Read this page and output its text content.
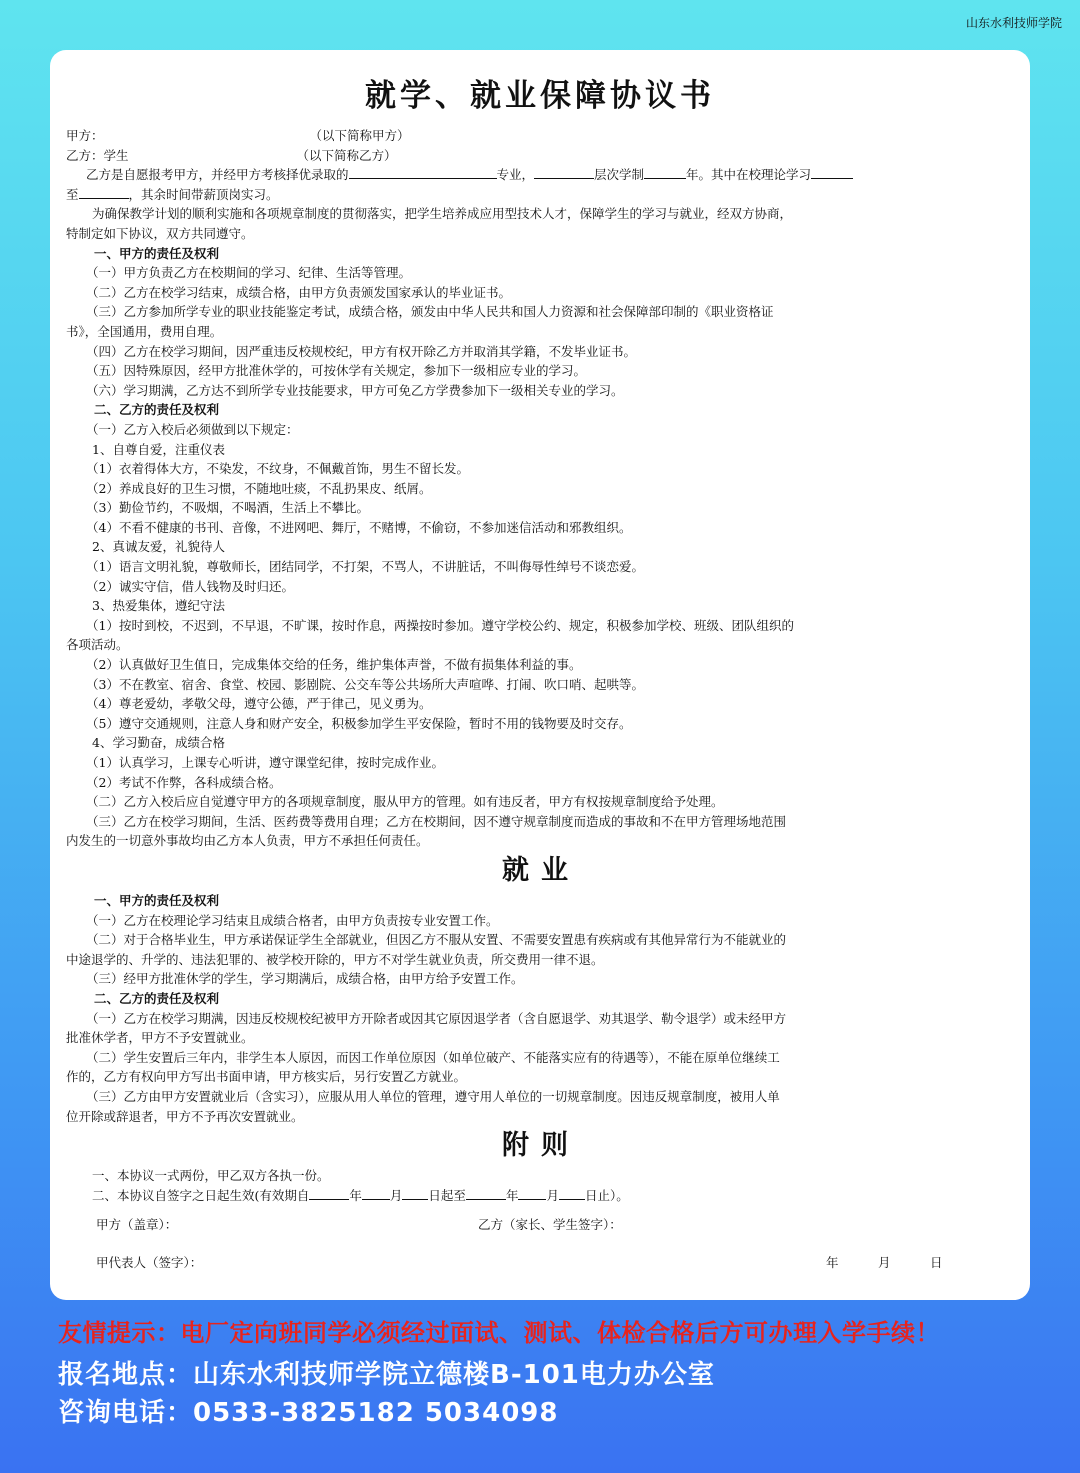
山东水利技师学院
就学、就业保障协议书
甲方：	（以下简称甲方）
乙方：学生	（以下简称乙方）
乙方是自愿报考甲方，并经甲方考核择优录取的	专业，	层次学制	年。其中在校理论学习
至	，其余时间带薪顶岗实习。
为确保教学计划的顺利实施和各项规章制度的贯彻落实，把学生培养成应用型技术人才，保障学生的学习与就业，经双方协商，
特制定如下协议，双方共同遵守。
一、甲方的责任及权利
（一）甲方负责乙方在校期间的学习、纪律、生活等管理。
（二）乙方在校学习结束，成绩合格，由甲方负责颁发国家承认的毕业证书。
（三）乙方参加所学专业的职业技能鉴定考试，成绩合格，颁发由中华人民共和国人力资源和社会保障部印制的《职业资格证
书》，全国通用，费用自理。
（四）乙方在校学习期间，因严重违反校规校纪，甲方有权开除乙方并取消其学籍，不发毕业证书。
（五）因特殊原因，经甲方批准休学的，可按休学有关规定，参加下一级相应专业的学习。
（六）学习期满，乙方达不到所学专业技能要求，甲方可免乙方学费参加下一级相关专业的学习。
二、乙方的责任及权利
（一）乙方入校后必须做到以下规定：
1、自尊自爱，注重仪表
（1）衣着得体大方，不染发，不纹身，不佩戴首饰，男生不留长发。
（2）养成良好的卫生习惯，不随地吐痰，不乱扔果皮、纸屑。
（3）勤俭节约，不吸烟，不喝酒，生活上不攀比。
（4）不看不健康的书刊、音像，不进网吧、舞厅，不赌博，不偷窃，不参加迷信活动和邪教组织。
2、真诚友爱，礼貌待人
（1）语言文明礼貌，尊敬师长，团结同学，不打架，不骂人，不讲脏话，不叫侮辱性绰号不谈恋爱。
（2）诚实守信，借人钱物及时归还。
3、热爱集体，遵纪守法
（1）按时到校，不迟到，不早退，不旷课，按时作息，两操按时参加。遵守学校公约、规定，积极参加学校、班级、团队组织的
各项活动。
（2）认真做好卫生值日，完成集体交给的任务，维护集体声誉，不做有损集体利益的事。
（3）不在教室、宿舍、食堂、校园、影剧院、公交车等公共场所大声喧哗、打闹、吹口哨、起哄等。
（4）尊老爱幼，孝敬父母，遵守公德，严于律己，见义勇为。
（5）遵守交通规则，注意人身和财产安全，积极参加学生平安保险，暂时不用的钱物要及时交存。
4、学习勤奋，成绩合格
（1）认真学习，上课专心听讲，遵守课堂纪律，按时完成作业。
（2）考试不作弊，各科成绩合格。
（二）乙方入校后应自觉遵守甲方的各项规章制度，服从甲方的管理。如有违反者，甲方有权按规章制度给予处理。
（三）乙方在校学习期间，生活、医药费等费用自理；乙方在校期间，因不遵守规章制度而造成的事故和不在甲方管理场地范围
内发生的一切意外事故均由乙方本人负责，甲方不承担任何责任。
就业
一、甲方的责任及权利
（一）乙方在校理论学习结束且成绩合格者，由甲方负责按专业安置工作。
（二）对于合格毕业生，甲方承诺保证学生全部就业，但因乙方不服从安置、不需要安置患有疾病或有其他异常行为不能就业的
中途退学的、升学的、违法犯罪的、被学校开除的，甲方不对学生就业负责，所交费用一律不退。
（三）经甲方批准休学的学生，学习期满后，成绩合格，由甲方给予安置工作。
二、乙方的责任及权利
（一）乙方在校学习期满，因违反校规校纪被甲方开除者或因其它原因退学者（含自愿退学、劝其退学、勒令退学）或未经甲方
批准休学者，甲方不予安置就业。
（二）学生安置后三年内，非学生本人原因，而因工作单位原因（如单位破产、不能落实应有的待遇等），不能在原单位继续工
作的，乙方有权向甲方写出书面申请，甲方核实后，另行安置乙方就业。
（三）乙方由甲方安置就业后（含实习），应服从用人单位的管理，遵守用人单位的一切规章制度。因违反规章制度，被用人单
位开除或辞退者，甲方不予再次安置就业。
附则
一、本协议一式两份，甲乙双方各执一份。
二、本协议自签字之日起生效(有效期自	年 月 日起至	年 月 日止）。
甲方（盖章）：	乙方（家长、学生签字）：
甲代表人（签字）：	年	月	日
友情提示：电厂定向班同学必须经过面试、测试、体检合格后方可办理入学手续！
报名地点：山东水利技师学院立德楼B-101电力办公室
咨询电话：0533-3825182 5034098
